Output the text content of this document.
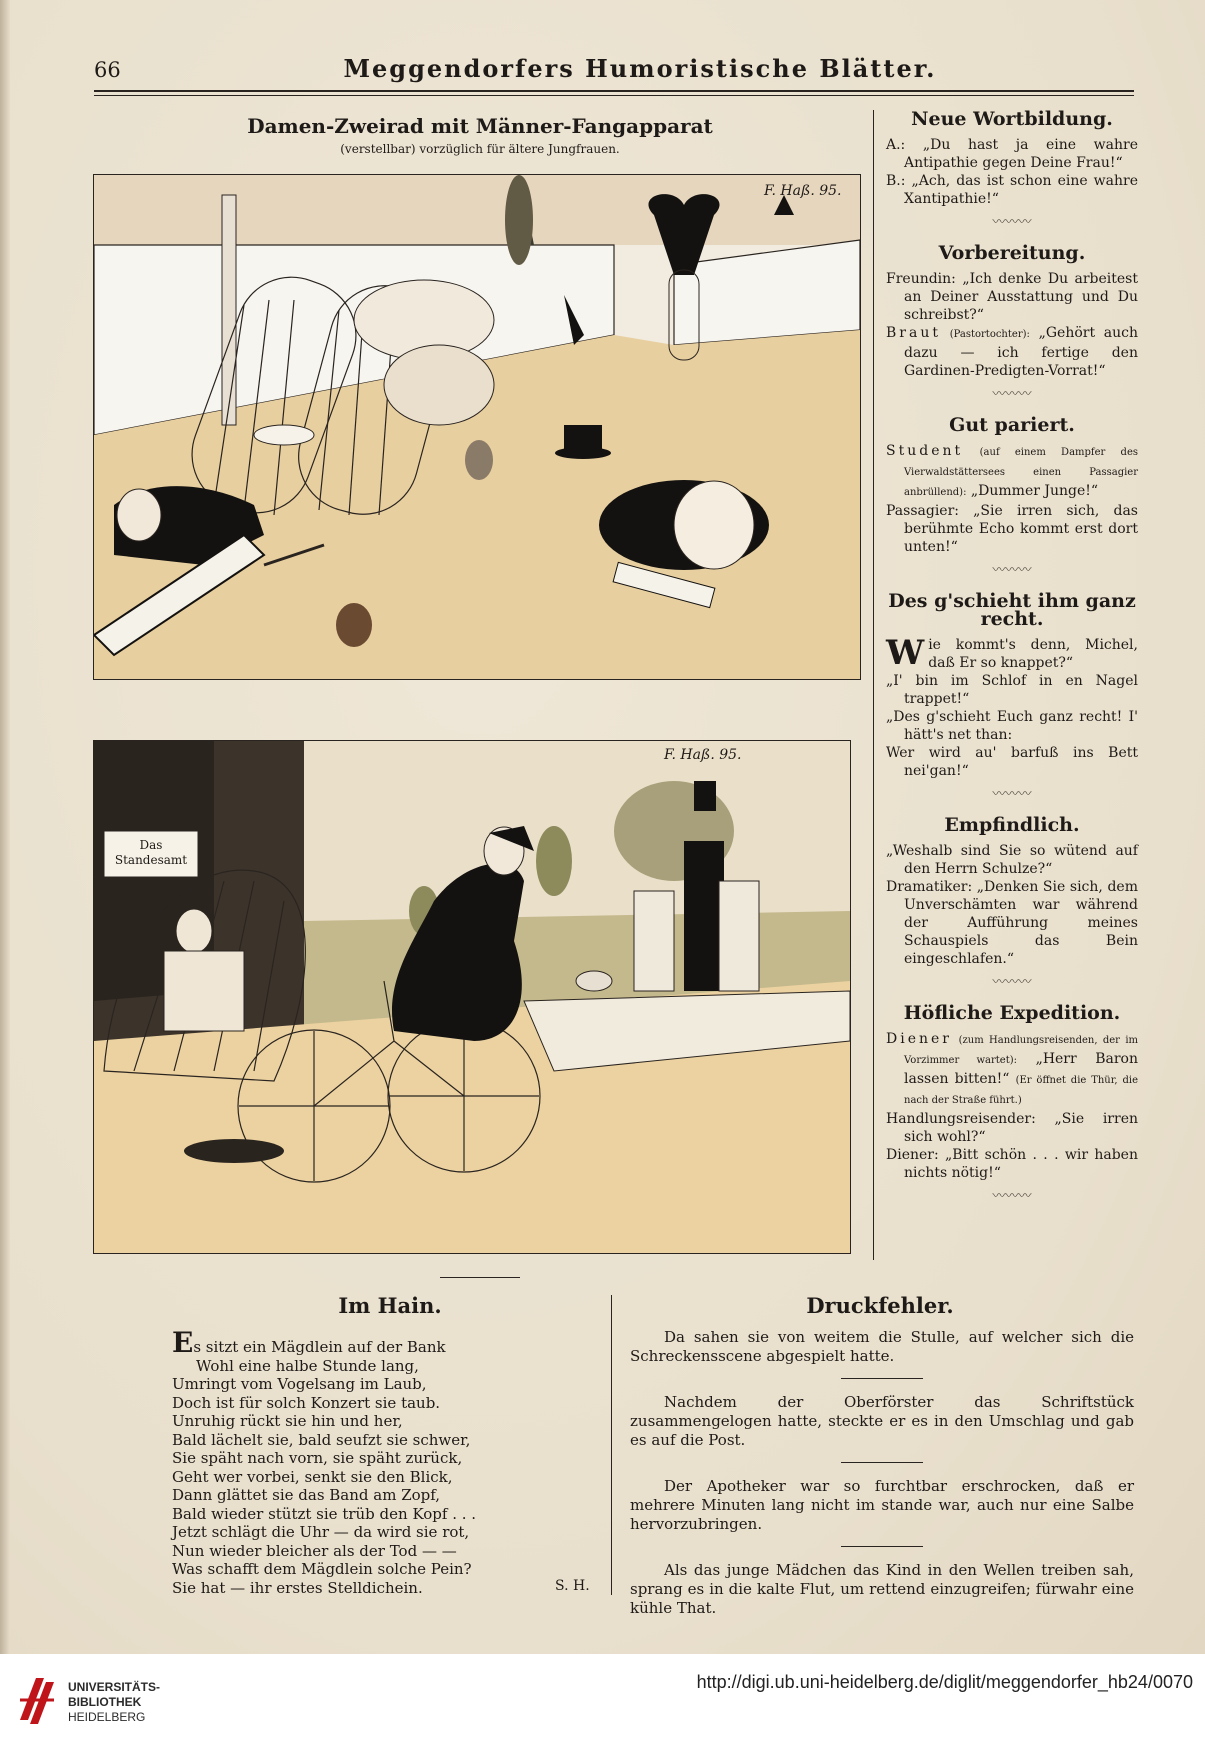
66	Meggendorfers Humoristische Blätter.
Damen-Zweirad mit Männer-Fangapparat
(verstellbar) vorzüglich für ältere Jungfrauen.
F. Haß. 95.
F. Haß. 95.
Das Standesamt
Neue Wortbildung.

A.: „Du hast ja eine wahre Antipathie gegen Deine Frau!“

B.: „Ach, das ist schon eine wahre Xantipathie!“

〰〰〰
Vorbereitung.

Freundin: „Ich denke Du arbeitest an Deiner Ausstattung und Du schreibst?“

Braut (Pastortochter): „Gehört auch dazu — ich fertige den Gardinen-Predigten-Vorrat!“

〰〰〰
Gut pariert.

Student (auf einem Dampfer des Vierwaldstättersees einen Passagier anbrüllend): „Dummer Junge!“

Passagier: „Sie irren sich, das berühmte Echo kommt erst dort unten!“

〰〰〰
Des g'schieht ihm ganz recht.

W ie kommt's denn, Michel, daß Er so knappet?“

„I' bin im Schlof in en Nagel trappet!“

„Des g'schieht Euch ganz recht! I' hätt's net than:

Wer wird au' barfuß ins Bett nei'gan!“

〰〰〰
Empfindlich.

„Weshalb sind Sie so wütend auf den Herrn Schulze?“

Dramatiker: „Denken Sie sich, dem Unverschämten war während der Aufführung meines Schauspiels das Bein eingeschlafen.“

〰〰〰
Höfliche Expedition.

Diener (zum Handlungsreisenden, der im Vorzimmer wartet): „Herr Baron lassen bitten!“ (Er öffnet die Thür, die nach der Straße führt.)

Handlungsreisender: „Sie irren sich wohl?“

Diener: „Bitt schön . . . wir haben nichts nötig!“

〰〰〰
Im Hain.
Es sitzt ein Mägdlein auf der Bank
Wohl eine halbe Stunde lang,
Umringt vom Vogelsang im Laub,
Doch ist für solch Konzert sie taub.
Unruhig rückt sie hin und her,
Bald lächelt sie, bald seufzt sie schwer,
Sie späht nach vorn, sie späht zurück,
Geht wer vorbei, senkt sie den Blick,
Dann glättet sie das Band am Zopf,
Bald wieder stützt sie trüb den Kopf . . .
Jetzt schlägt die Uhr — da wird sie rot,
Nun wieder bleicher als der Tod — —
Was schafft dem Mägdlein solche Pein?
Sie hat — ihr erstes Stelldichein.	S. H.
Druckfehler.

Da sahen sie von weitem die Stulle, auf welcher sich die Schreckensscene abgespielt hatte.

Nachdem der Oberförster das Schriftstück zusammengelogen hatte, steckte er es in den Umschlag und gab es auf die Post.

Der Apotheker war so furchtbar erschrocken, daß er mehrere Minuten lang nicht im stande war, auch nur eine Salbe hervorzubringen.

Als das junge Mädchen das Kind in den Wellen treiben sah, sprang es in die kalte Flut, um rettend einzugreifen; fürwahr eine kühle That.

UNIVERSITÄTS-
BIBLIOTHEK
HEIDELBERG
http://digi.ub.uni-heidelberg.de/diglit/meggendorfer_hb24/0070
